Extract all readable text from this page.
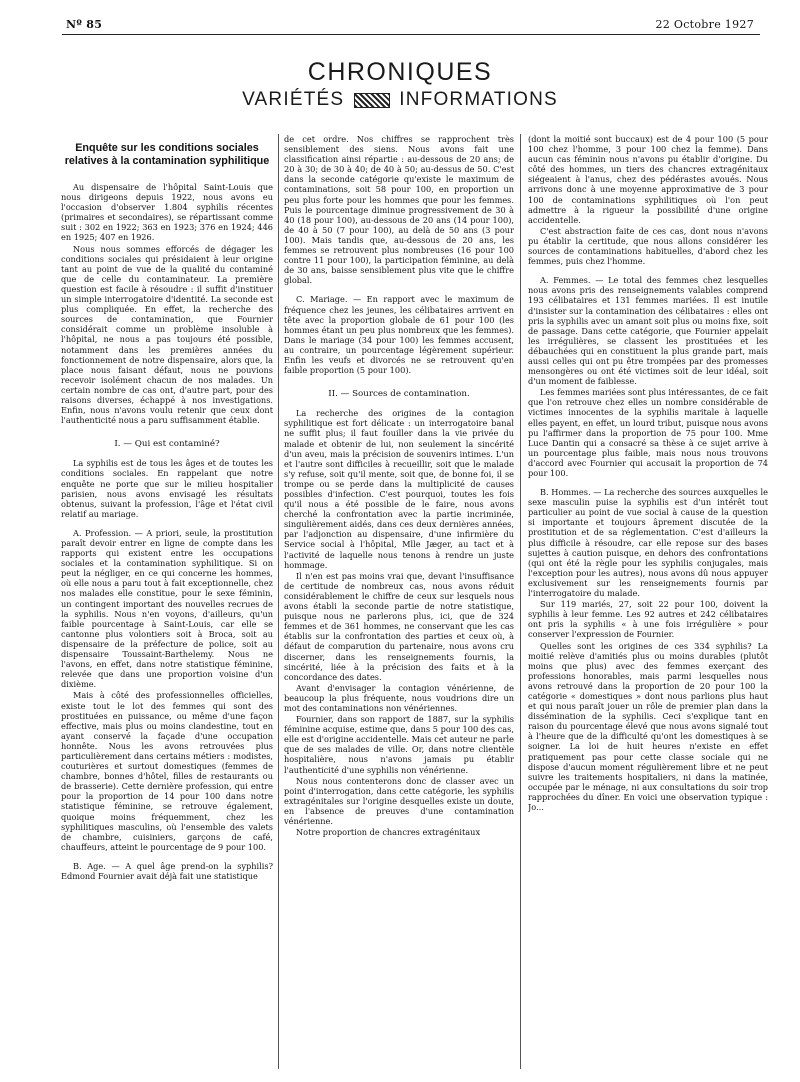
Nº 85	22 Octobre 1927
CHRONIQUES
VARIÉTÉS	INFORMATIONS
Enquête sur les conditions sociales relatives à la contamination syphilitique

Au dispensaire de l'hôpital Saint-Louis que nous dirigeons depuis 1922, nous avons eu l'occasion d'observer 1.804 syphilis récentes (primaires et secondaires), se répartissant comme suit : 302 en 1922; 363 en 1923; 376 en 1924; 446 en 1925; 407 en 1926.

Nous nous sommes efforcés de dégager les conditions sociales qui présidaient à leur origine tant au point de vue de la qualité du contaminé que de celle du contaminateur. La première question est facile à résoudre : il suffit d'instituer un simple interrogatoire d'identité. La seconde est plus compliquée. En effet, la recherche des sources de contamination, que Fournier considérait comme un problème insoluble à l'hôpital, ne nous a pas toujours été possible, notamment dans les premières années du fonctionnement de notre dispensaire, alors que, la place nous faisant défaut, nous ne pouvions recevoir isolément chacun de nos malades. Un certain nombre de cas ont, d'autre part, pour des raisons diverses, échappé à nos investigations. Enfin, nous n'avons voulu retenir que ceux dont l'authenticité nous a paru suffisamment établie.

I. — Qui est contaminé?

La syphilis est de tous les âges et de toutes les conditions sociales. En rappelant que notre enquête ne porte que sur le milieu hospitalier parisien, nous avons envisagé les résultats obtenus, suivant la profession, l'âge et l'état civil relatif au mariage.

A. Profession. — A priori, seule, la prostitution paraît devoir entrer en ligne de compte dans les rapports qui existent entre les occupations sociales et la contamination syphilitique. Si on peut la négliger, en ce qui concerne les hommes, où elle nous a paru tout à fait exceptionnelle, chez nos malades elle constitue, pour le sexe féminin, un contingent important des nouvelles recrues de la syphilis. Nous n'en voyons, d'ailleurs, qu'un faible pourcentage à Saint-Louis, car elle se cantonne plus volontiers soit à Broca, soit au dispensaire de la préfecture de police, soit au dispensaire Toussaint-Barthelemy. Nous ne l'avons, en effet, dans notre statistique féminine, relevée que dans une proportion voisine d'un dixième.

Mais à côté des professionnelles officielles, existe tout le lot des femmes qui sont des prostituées en puissance, ou même d'une façon effective, mais plus ou moins clandestine, tout en ayant conservé la façade d'une occupation honnête. Nous les avons retrouvées plus particulièrement dans certains métiers : modistes, couturières et surtout domestiques (femmes de chambre, bonnes d'hôtel, filles de restaurants ou de brasserie). Cette dernière profession, qui entre pour la proportion de 14 pour 100 dans notre statistique féminine, se retrouve également, quoique moins fréquemment, chez les syphilitiques masculins, où l'ensemble des valets de chambre, cuisiniers, garçons de café, chauffeurs, atteint le pourcentage de 9 pour 100.

B. Age. — A quel âge prend-on la syphilis? Edmond Fournier avait déjà fait une statistique

de cet ordre. Nos chiffres se rapprochent très sensiblement des siens. Nous avons fait une classification ainsi répartie : au-dessous de 20 ans; de 20 à 30; de 30 à 40; de 40 à 50; au-dessus de 50. C'est dans la seconde catégorie qu'existe le maximum de contaminations, soit 58 pour 100, en proportion un peu plus forte pour les hommes que pour les femmes. Puis le pourcentage diminue progressivement de 30 à 40 (18 pour 100), au-dessous de 20 ans (14 pour 100), de 40 à 50 (7 pour 100), au delà de 50 ans (3 pour 100). Mais tandis que, au-dessous de 20 ans, les femmes se retrouvent plus nombreuses (16 pour 100 contre 11 pour 100), la participation féminine, au delà de 30 ans, baisse sensiblement plus vite que le chiffre global.

C. Mariage. — En rapport avec le maximum de fréquence chez les jeunes, les célibataires arrivent en tête avec la proportion globale de 61 pour 100 (les hommes étant un peu plus nombreux que les femmes). Dans le mariage (34 pour 100) les femmes accusent, au contraire, un pourcentage légèrement supérieur. Enfin les veufs et divorcés ne se retrouvent qu'en faible proportion (5 pour 100).

II. — Sources de contamination.

La recherche des origines de la contagion syphilitique est fort délicate : un interrogatoire banal ne suffit plus; il faut fouiller dans la vie privée du malade et obtenir de lui, non seulement la sincérité d'un aveu, mais la précision de souvenirs intimes. L'un et l'autre sont difficiles à recueillir, soit que le malade s'y refuse, soit qu'il mente, soit que, de bonne foi, il se trompe ou se perde dans la multiplicité de causes possibles d'infection. C'est pourquoi, toutes les fois qu'il nous a été possible de le faire, nous avons cherché la confrontation avec la partie incriminée, singulièrement aidés, dans ces deux dernières années, par l'adjonction au dispensaire, d'une infirmière du Service social à l'hôpital, Mlle Jæger, au tact et à l'activité de laquelle nous tenons à rendre un juste hommage.

Il n'en est pas moins vrai que, devant l'insuffisance de certitude de nombreux cas, nous avons réduit considérablement le chiffre de ceux sur lesquels nous avons établi la seconde partie de notre statistique, puisque nous ne parlerons plus, ici, que de 324 femmes et de 361 hommes, ne conservant que les cas établis sur la confrontation des parties et ceux où, à défaut de comparution du partenaire, nous avons cru discerner, dans les renseignements fournis, la sincérité, liée à la précision des faits et à la concordance des dates.

Avant d'envisager la contagion vénérienne, de beaucoup la plus fréquente, nous voudrions dire un mot des contaminations non vénériennes.

Fournier, dans son rapport de 1887, sur la syphilis féminine acquise, estime que, dans 5 pour 100 des cas, elle est d'origine accidentelle. Mais cet auteur ne parle que de ses malades de ville. Or, dans notre clientèle hospitalière, nous n'avons jamais pu établir l'authenticité d'une syphilis non vénérienne.

Nous nous contenterons donc de classer avec un point d'interrogation, dans cette catégorie, les syphilis extragénitales sur l'origine desquelles existe un doute, en l'absence de preuves d'une contamination vénérienne.

Notre proportion de chancres extragénitaux

(dont la moitié sont buccaux) est de 4 pour 100 (5 pour 100 chez l'homme, 3 pour 100 chez la femme). Dans aucun cas féminin nous n'avons pu établir d'origine. Du côté des hommes, un tiers des chancres extragénitaux siégeaient à l'anus, chez des pédérastes avoués. Nous arrivons donc à une moyenne approximative de 3 pour 100 de contaminations syphilitiques où l'on peut admettre à la rigueur la possibilité d'une origine accidentelle.

C'est abstraction faite de ces cas, dont nous n'avons pu établir la certitude, que nous allons considérer les sources de contaminations habituelles, d'abord chez les femmes, puis chez l'homme.

A. Femmes. — Le total des femmes chez lesquelles nous avons pris des renseignements valables comprend 193 célibataires et 131 femmes mariées. Il est inutile d'insister sur la contamination des célibataires : elles ont pris la syphilis avec un amant soit plus ou moins fixe, soit de passage. Dans cette catégorie, que Fournier appelait les irrégulières, se classent les prostituées et les débauchées qui en constituent la plus grande part, mais aussi celles qui ont pu être trompées par des promesses mensongères ou ont été victimes soit de leur idéal, soit d'un moment de faiblesse.

Les femmes mariées sont plus intéressantes, de ce fait que l'on retrouve chez elles un nombre considérable de victimes innocentes de la syphilis maritale à laquelle elles payent, en effet, un lourd tribut, puisque nous avons pu l'affirmer dans la proportion de 75 pour 100. Mme Luce Dantin qui a consacré sa thèse à ce sujet arrive à un pourcentage plus faible, mais nous nous trouvons d'accord avec Fournier qui accusait la proportion de 74 pour 100.

B. Hommes. — La recherche des sources auxquelles le sexe masculin puise la syphilis est d'un intérêt tout particulier au point de vue social à cause de la question si importante et toujours âprement discutée de la prostitution et de sa réglementation. C'est d'ailleurs la plus difficile à résoudre, car elle repose sur des bases sujettes à caution puisque, en dehors des confrontations (qui ont été la règle pour les syphilis conjugales, mais l'exception pour les autres), nous avons dû nous appuyer exclusivement sur les renseignements fournis par l'interrogatoire du malade.

Sur 119 mariés, 27, soit 22 pour 100, doivent la syphilis à leur femme. Les 92 autres et 242 célibataires ont pris la syphilis « à une fois irrégulière » pour conserver l'expression de Fournier.

Quelles sont les origines de ces 334 syphilis? La moitié relève d'amitiés plus ou moins durables (plutôt moins que plus) avec des femmes exerçant des professions honorables, mais parmi lesquelles nous avons retrouvé dans la proportion de 20 pour 100 la catégorie « domestiques » dont nous parlions plus haut et qui nous paraît jouer un rôle de premier plan dans la dissémination de la syphilis. Ceci s'explique tant en raison du pourcentage élevé que nous avons signalé tout à l'heure que de la difficulté qu'ont les domestiques à se soigner. La loi de huit heures n'existe en effet pratiquement pas pour cette classe sociale qui ne dispose d'aucun moment régulièrement libre et ne peut suivre les traitements hospitaliers, ni dans la matinée, occupée par le ménage, ni aux consultations du soir trop rapprochées du dîner. En voici une observation typique : Jo...
